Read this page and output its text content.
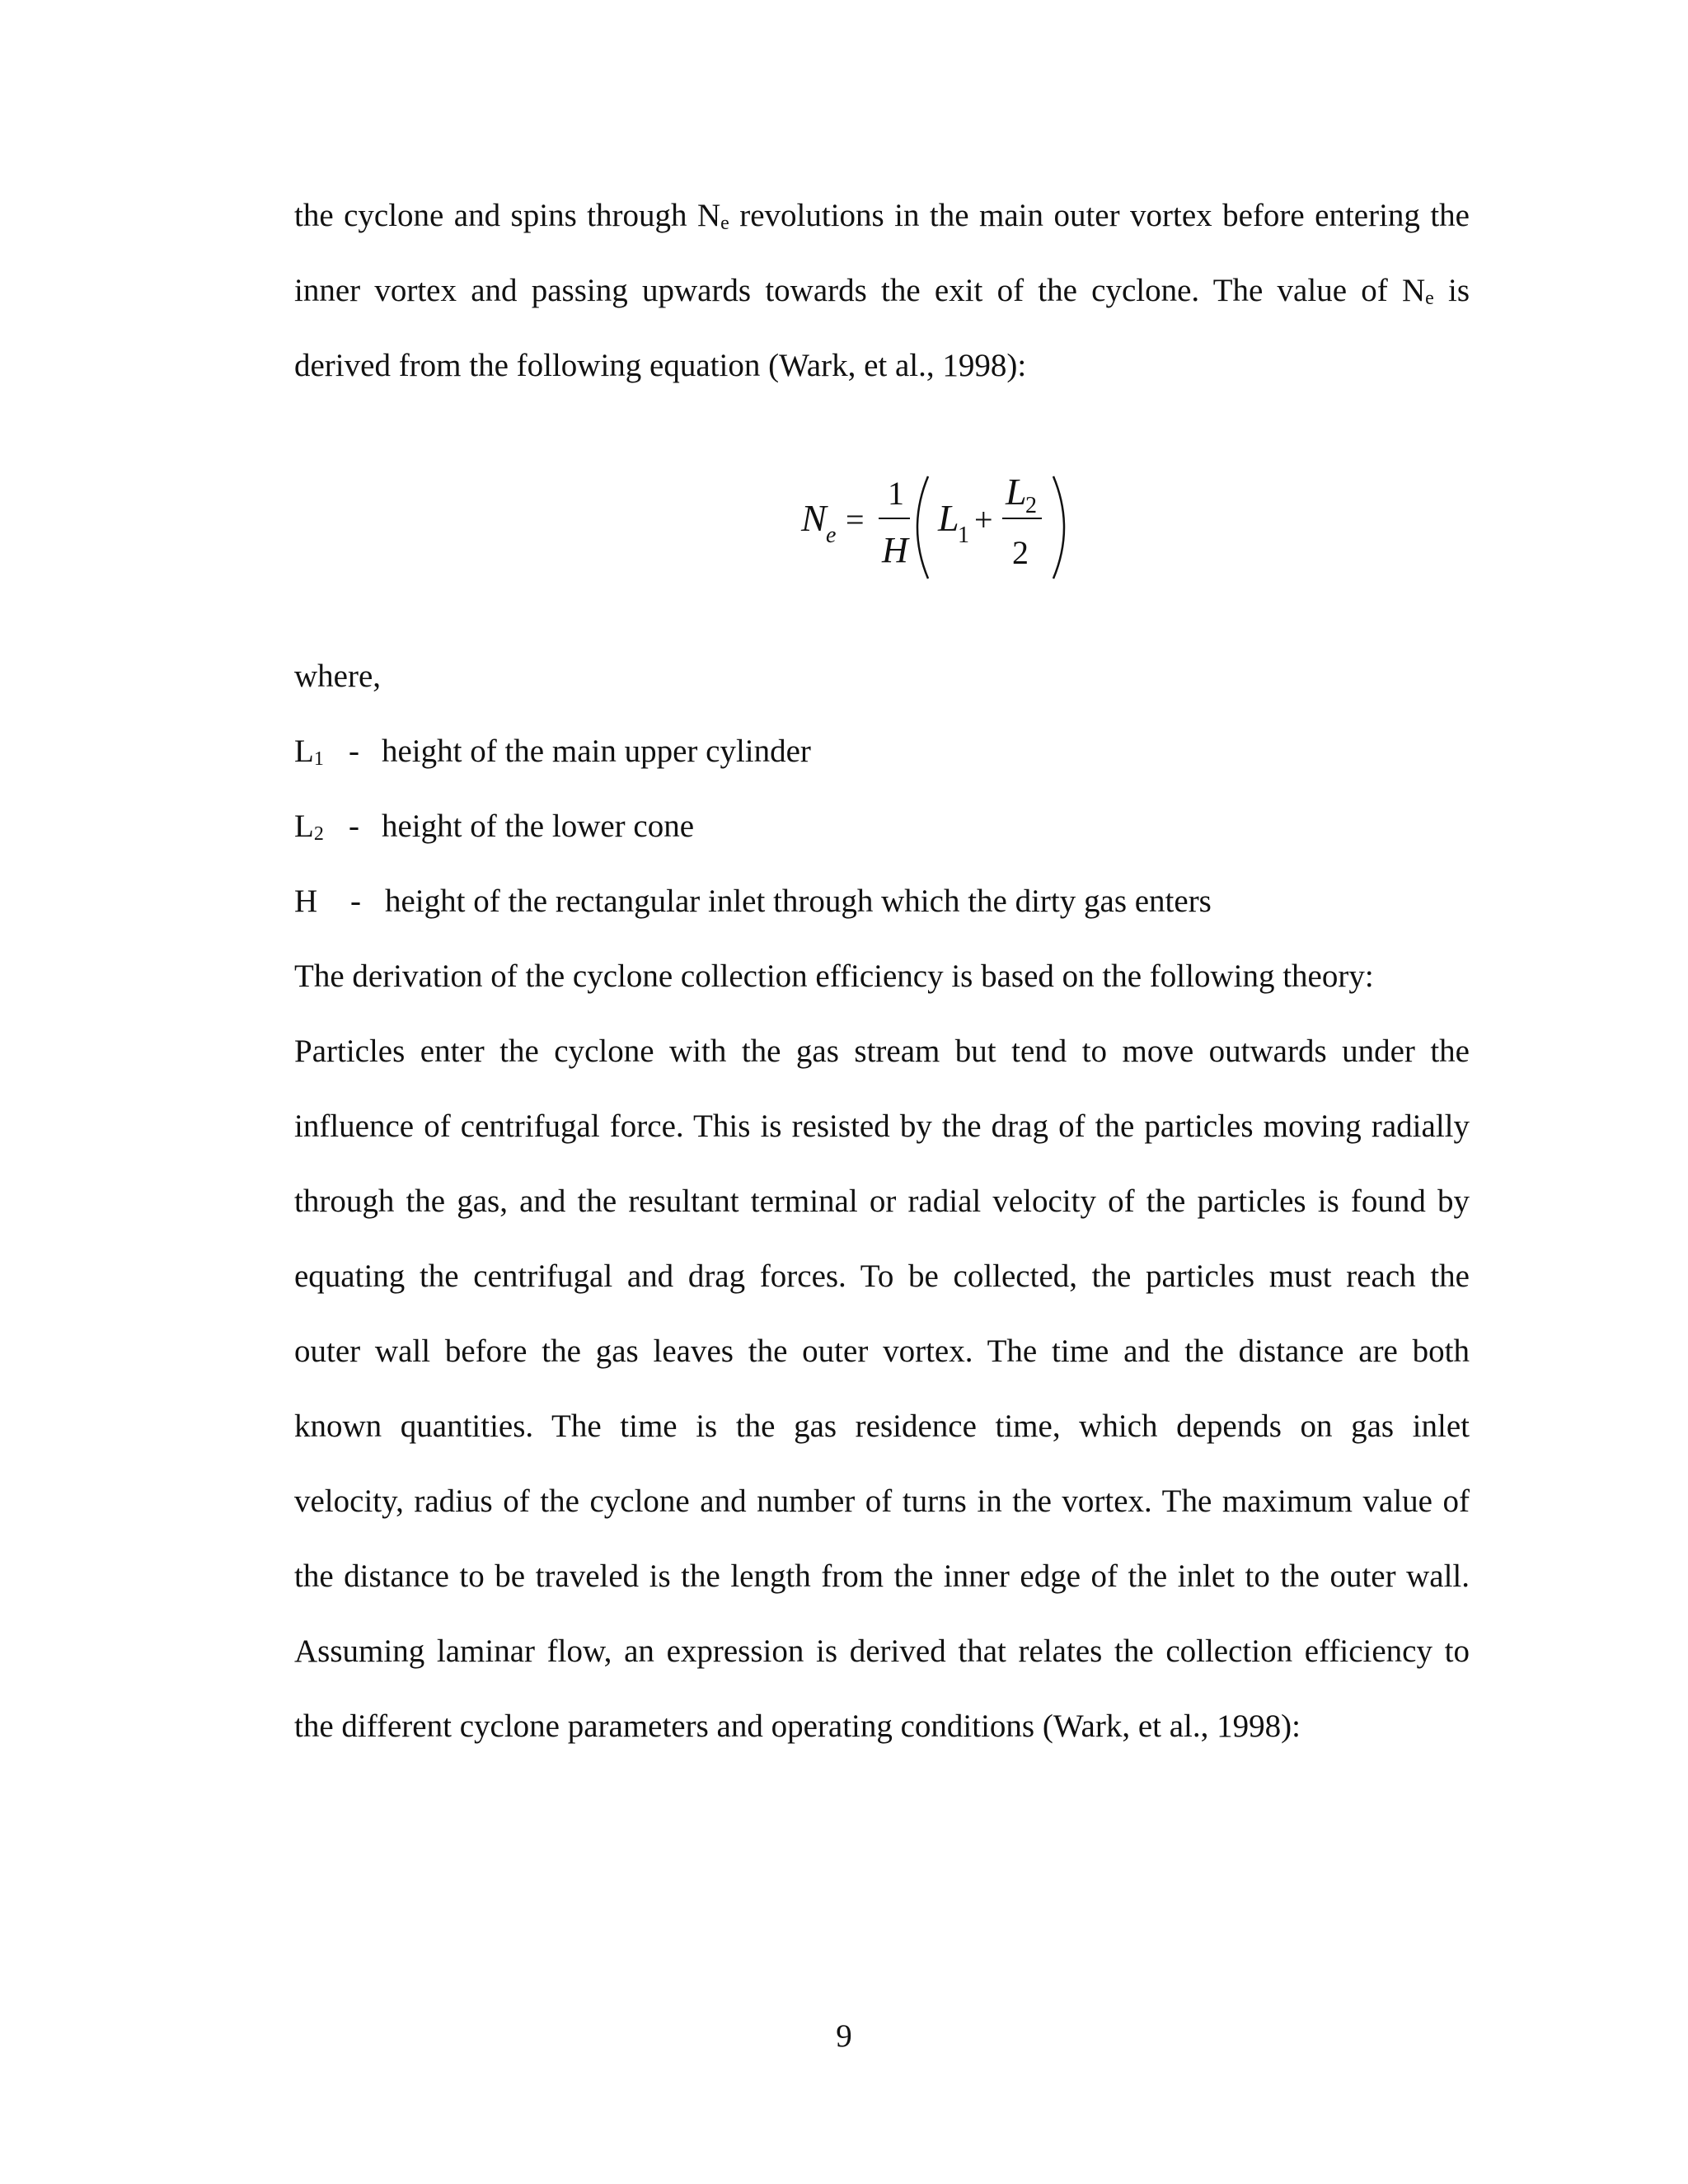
the cyclone and spins through Ne revolutions in the main outer vortex before entering the
inner vortex and passing upwards towards the exit of the cyclone. The value of Ne is
derived from the following equation (Wark, et al., 1998):
N e =
1
H
L
1 +
L
2
2
where,
L1 - height of the main upper cylinder
L2 - height of the lower cone
H - height of the rectangular inlet through which the dirty gas enters
The derivation of the cyclone collection efficiency is based on the following theory:
Particles enter the cyclone with the gas stream but tend to move outwards under the
influence of centrifugal force. This is resisted by the drag of the particles moving radially
through the gas, and the resultant terminal or radial velocity of the particles is found by
equating the centrifugal and drag forces. To be collected, the particles must reach the
outer wall before the gas leaves the outer vortex. The time and the distance are both
known quantities. The time is the gas residence time, which depends on gas inlet
velocity, radius of the cyclone and number of turns in the vortex. The maximum value of
the distance to be traveled is the length from the inner edge of the inlet to the outer wall.
Assuming laminar flow, an expression is derived that relates the collection efficiency to
the different cyclone parameters and operating conditions (Wark, et al., 1998):
9
